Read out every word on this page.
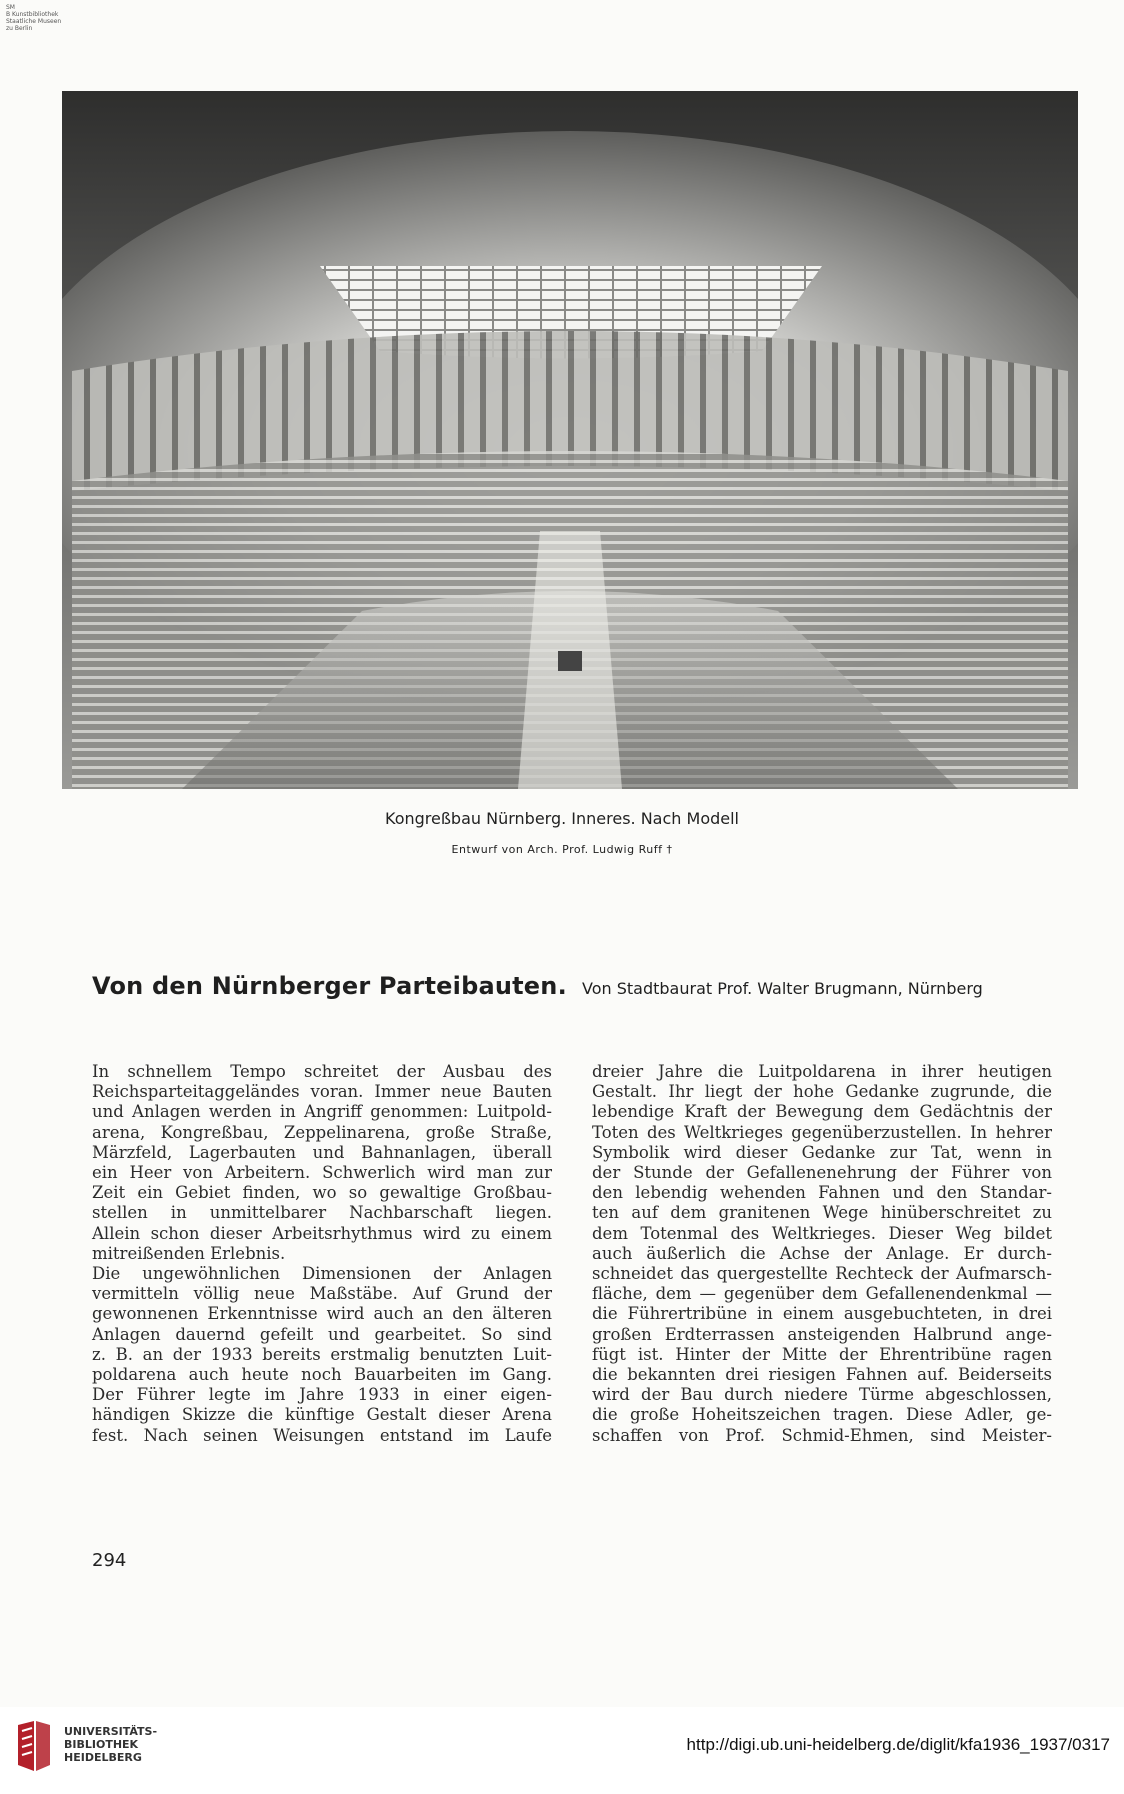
SM
B Kunstbibliothek
Staatliche Museen
zu Berlin
Kongreßbau Nürnberg. Inneres. Nach Modell
Entwurf von Arch. Prof. Ludwig Ruff †
Von den Nürnberger Parteibauten. Von Stadtbaurat Prof. Walter Brugmann, Nürnberg
In schnellem Tempo schreitet der Ausbau des
Reichsparteitaggeländes voran. Immer neue Bauten
und Anlagen werden in Angriff genommen: Luitpold-
arena, Kongreßbau, Zeppelinarena, große Straße,
Märzfeld, Lagerbauten und Bahnanlagen, überall
ein Heer von Arbeitern. Schwerlich wird man zur
Zeit ein Gebiet finden, wo so gewaltige Großbau-
stellen in unmittelbarer Nachbarschaft liegen.
Allein schon dieser Arbeitsrhythmus wird zu einem
mitreißenden Erlebnis.
Die ungewöhnlichen Dimensionen der Anlagen
vermitteln völlig neue Maßstäbe. Auf Grund der
gewonnenen Erkenntnisse wird auch an den älteren
Anlagen dauernd gefeilt und gearbeitet. So sind
z. B. an der 1933 bereits erstmalig benutzten Luit-
poldarena auch heute noch Bauarbeiten im Gang.
Der Führer legte im Jahre 1933 in einer eigen-
händigen Skizze die künftige Gestalt dieser Arena
fest. Nach seinen Weisungen entstand im Laufe
dreier Jahre die Luitpoldarena in ihrer heutigen
Gestalt. Ihr liegt der hohe Gedanke zugrunde, die
lebendige Kraft der Bewegung dem Gedächtnis der
Toten des Weltkrieges gegenüberzustellen. In hehrer
Symbolik wird dieser Gedanke zur Tat, wenn in
der Stunde der Gefallenenehrung der Führer von
den lebendig wehenden Fahnen und den Standar-
ten auf dem granitenen Wege hinüberschreitet zu
dem Totenmal des Weltkrieges. Dieser Weg bildet
auch äußerlich die Achse der Anlage. Er durch-
schneidet das quergestellte Rechteck der Aufmarsch-
fläche, dem — gegenüber dem Gefallenendenkmal —
die Führertribüne in einem ausgebuchteten, in drei
großen Erdterrassen ansteigenden Halbrund ange-
fügt ist. Hinter der Mitte der Ehrentribüne ragen
die bekannten drei riesigen Fahnen auf. Beiderseits
wird der Bau durch niedere Türme abgeschlossen,
die große Hoheitszeichen tragen. Diese Adler, ge-
schaffen von Prof. Schmid-Ehmen, sind Meister-
294
UNIVERSITÄTS-
BIBLIOTHEK
HEIDELBERG
http://digi.ub.uni-heidelberg.de/diglit/kfa1936_1937/0317
